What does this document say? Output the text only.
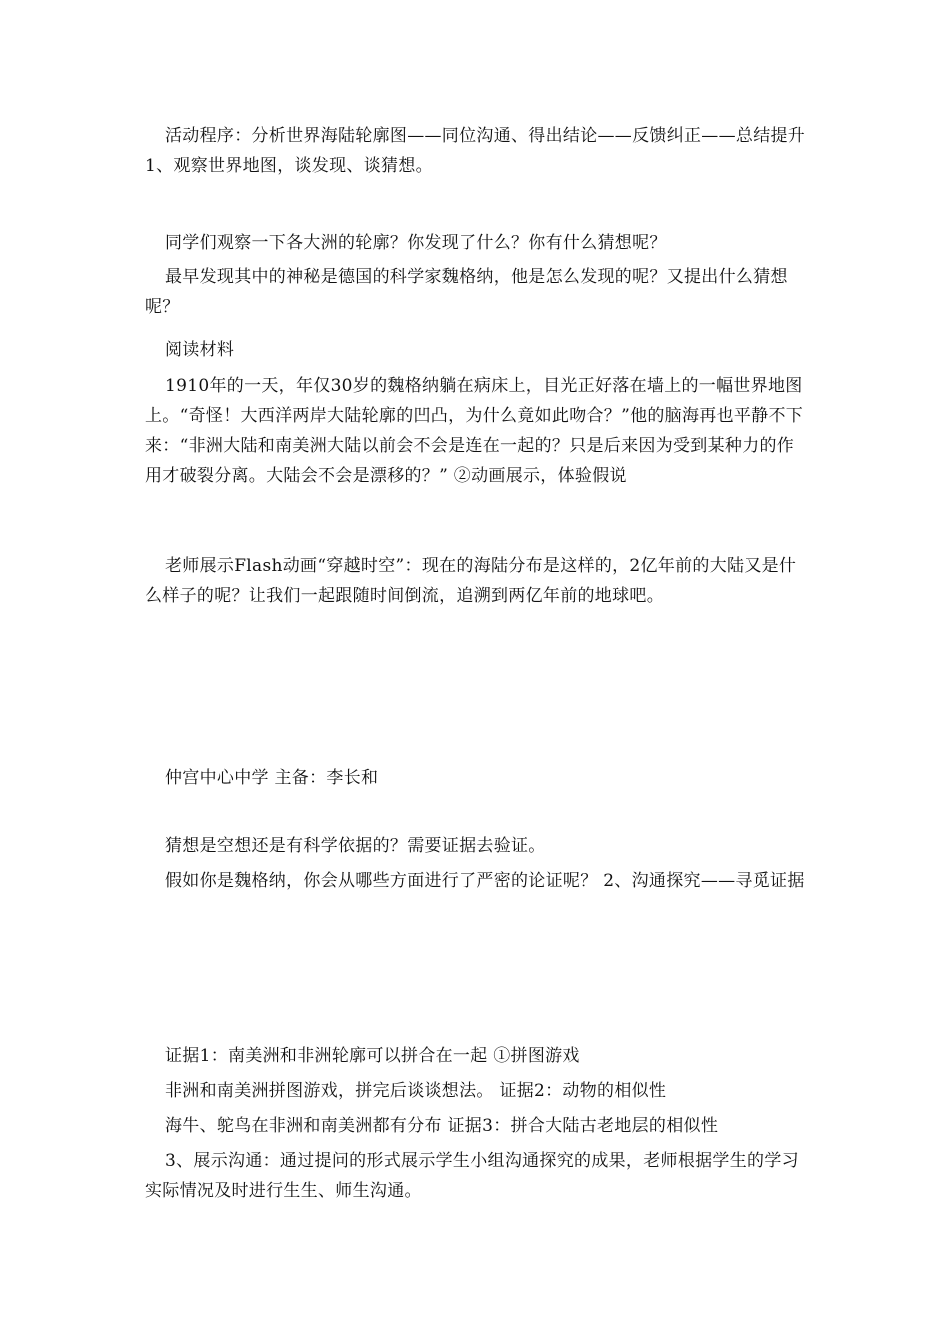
活动程序：分析世界海陆轮廓图——同位沟通、得出结论——反馈纠正——总结提升 1、观察世界地图，谈发现、谈猜想。

同学们观察一下各大洲的轮廓？你发现了什么？你有什么猜想呢？

最早发现其中的神秘是德国的科学家魏格纳，他是怎么发现的呢？又提出什么猜想呢？

阅读材料

1910年的一天，年仅30岁的魏格纳躺在病床上，目光正好落在墙上的一幅世界地图上。“奇怪！大西洋两岸大陆轮廓的凹凸，为什么竟如此吻合？”他的脑海再也平静不下来：“非洲大陆和南美洲大陆以前会不会是连在一起的？只是后来因为受到某种力的作用才破裂分离。大陆会不会是漂移的？” ②动画展示，体验假说

老师展示Flash动画“穿越时空”：现在的海陆分布是这样的，2亿年前的大陆又是什么样子的呢？让我们一起跟随时间倒流，追溯到两亿年前的地球吧。

仲宫中心中学 主备：李长和

猜想是空想还是有科学依据的？需要证据去验证。

假如你是魏格纳，你会从哪些方面进行了严密的论证呢？ 2、沟通探究——寻觅证据

证据1：南美洲和非洲轮廓可以拼合在一起 ①拼图游戏

非洲和南美洲拼图游戏，拼完后谈谈想法。 证据2：动物的相似性

海牛、鸵鸟在非洲和南美洲都有分布 证据3：拼合大陆古老地层的相似性

3、展示沟通：通过提问的形式展示学生小组沟通探究的成果，老师根据学生的学习实际情况及时进行生生、师生沟通。
